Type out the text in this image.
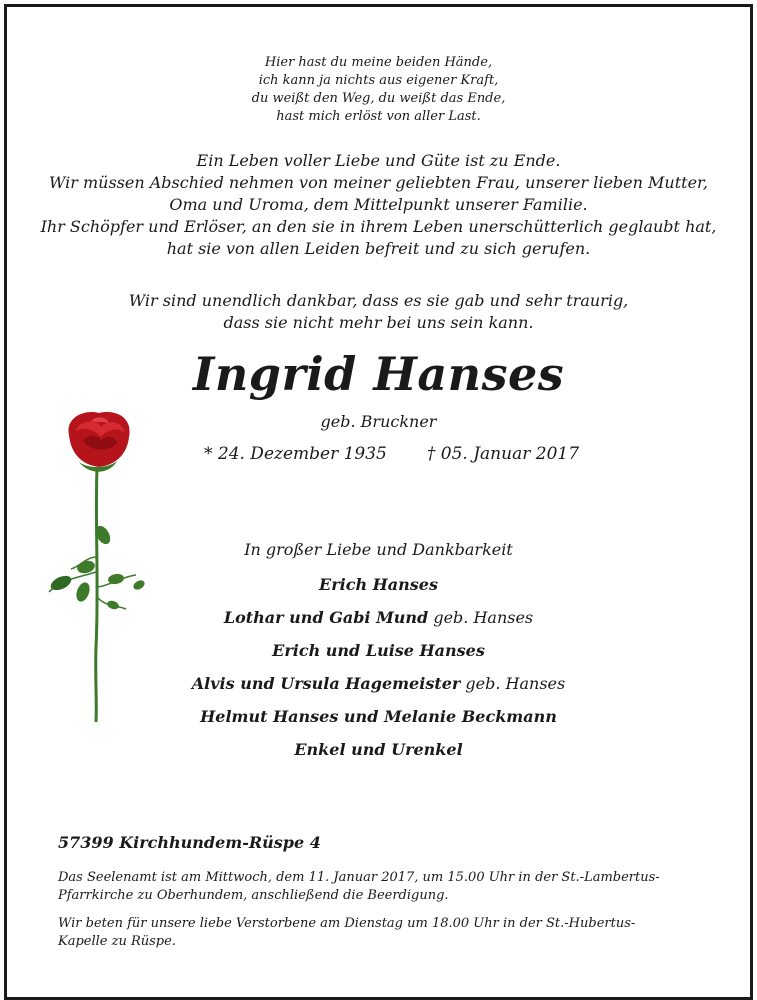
Hier hast du meine beiden Hände,
ich kann ja nichts aus eigener Kraft,
du weißt den Weg, du weißt das Ende,
hast mich erlöst von aller Last.
Ein Leben voller Liebe und Güte ist zu Ende.
Wir müssen Abschied nehmen von meiner geliebten Frau, unserer lieben Mutter,
Oma und Uroma, dem Mittelpunkt unserer Familie.
Ihr Schöpfer und Erlöser, an den sie in ihrem Leben unerschütterlich geglaubt hat,
hat sie von allen Leiden befreit und zu sich gerufen.
Wir sind unendlich dankbar, dass es sie gab und sehr traurig,
dass sie nicht mehr bei uns sein kann.
Ingrid Hanses
geb. Bruckner
* 24. Dezember 1935 † 05. Januar 2017
In großer Liebe und Dankbarkeit
Erich Hanses
Lothar und Gabi Mund geb. Hanses
Erich und Luise Hanses
Alvis und Ursula Hagemeister geb. Hanses
Helmut Hanses und Melanie Beckmann
Enkel und Urenkel
57399 Kirchhundem-Rüspe 4
Das Seelenamt ist am Mittwoch, dem 11. Januar 2017, um 15.00 Uhr in der St.-Lambertus-
Pfarrkirche zu Oberhundem, anschließend die Beerdigung.
Wir beten für unsere liebe Verstorbene am Dienstag um 18.00 Uhr in der St.-Hubertus-
Kapelle zu Rüspe.
